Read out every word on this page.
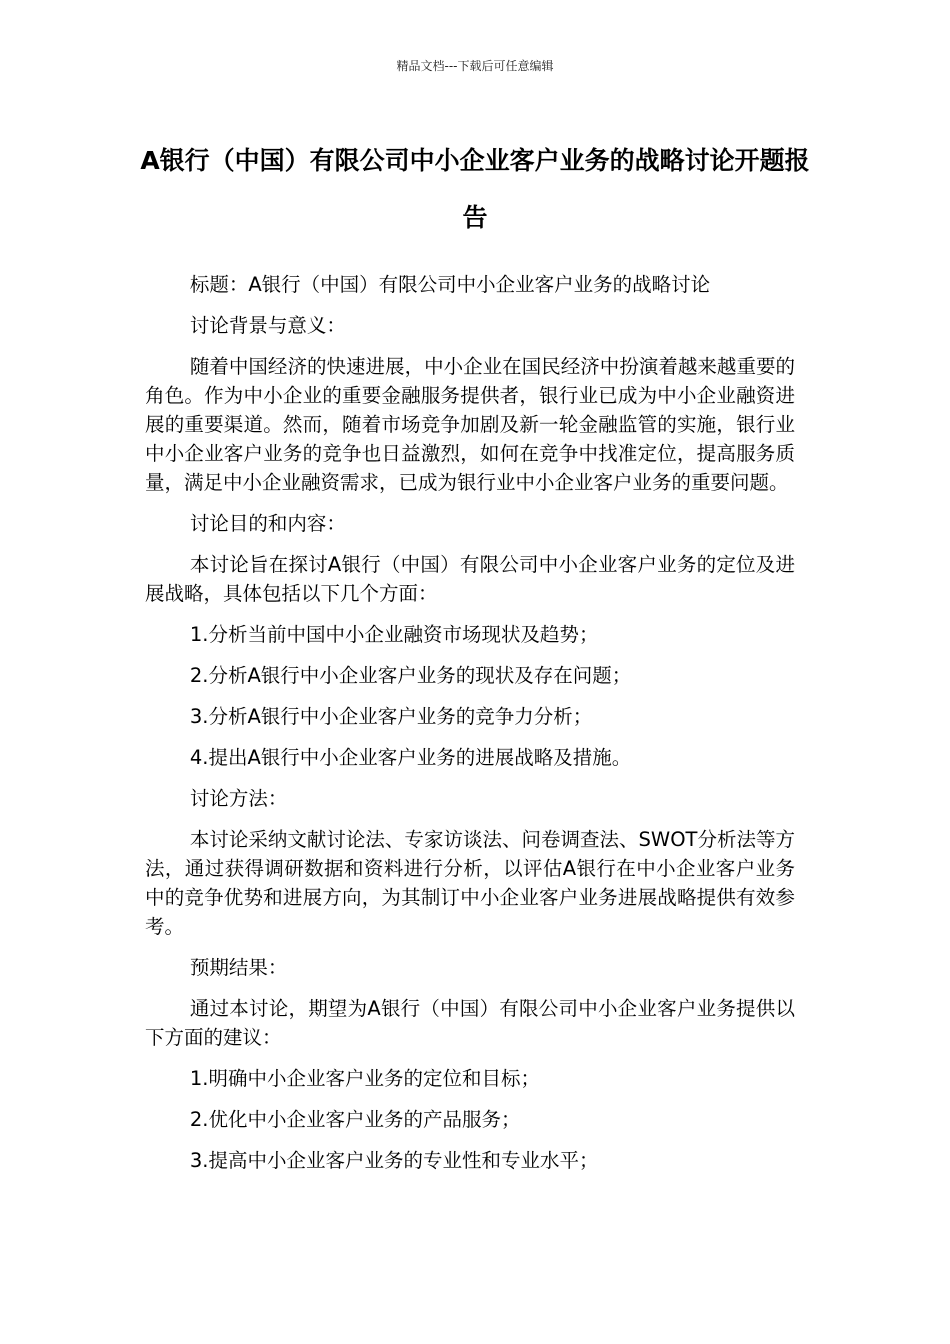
精品文档---下载后可任意编辑
A银行（中国）有限公司中小企业客户业务的战略讨论开题报告

标题：A银行（中国）有限公司中小企业客户业务的战略讨论

讨论背景与意义：

随着中国经济的快速进展，中小企业在国民经济中扮演着越来越重要的角色。作为中小企业的重要金融服务提供者，银行业已成为中小企业融资进展的重要渠道。然而，随着市场竞争加剧及新一轮金融监管的实施，银行业中小企业客户业务的竞争也日益激烈，如何在竞争中找准定位，提高服务质量，满足中小企业融资需求，已成为银行业中小企业客户业务的重要问题。

讨论目的和内容：

本讨论旨在探讨A银行（中国）有限公司中小企业客户业务的定位及进展战略，具体包括以下几个方面：

1.分析当前中国中小企业融资市场现状及趋势；

2.分析A银行中小企业客户业务的现状及存在问题；

3.分析A银行中小企业客户业务的竞争力分析；

4.提出A银行中小企业客户业务的进展战略及措施。

讨论方法：

本讨论采纳文献讨论法、专家访谈法、问卷调查法、SWOT分析法等方法，通过获得调研数据和资料进行分析，以评估A银行在中小企业客户业务中的竞争优势和进展方向，为其制订中小企业客户业务进展战略提供有效参考。

预期结果：

通过本讨论，期望为A银行（中国）有限公司中小企业客户业务提供以下方面的建议：

1.明确中小企业客户业务的定位和目标；

2.优化中小企业客户业务的产品服务；

3.提高中小企业客户业务的专业性和专业水平；
